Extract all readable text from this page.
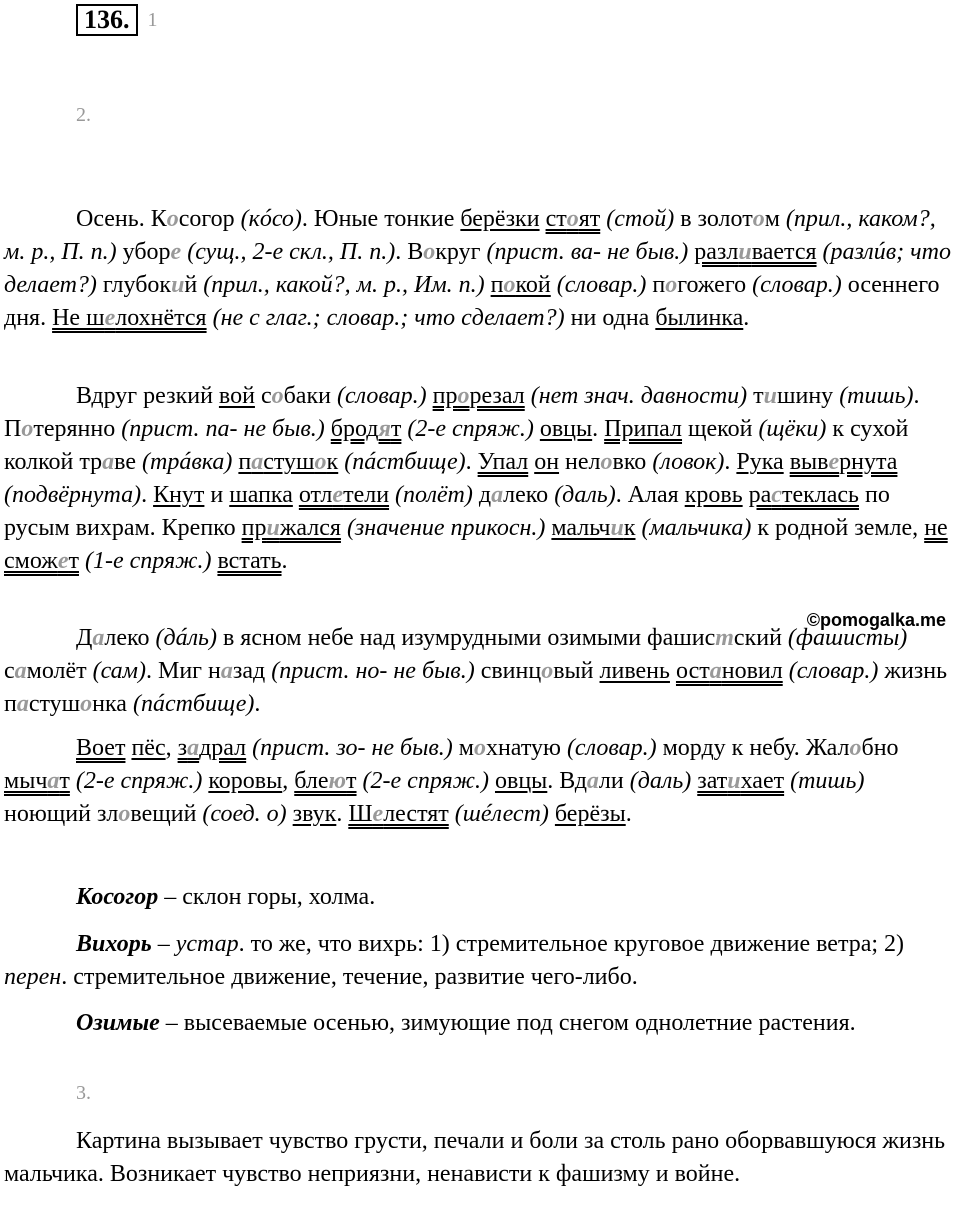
136. 1
2.

Осень. Косогор (кóсо). Юные тонкие берёзки стоят (стой) в золотом (прил., каком?, м. р., П. п.) уборе (сущ., 2-е скл., П. п.). Вокруг (прист. ва- не быв.) разливается (разлúв; что делает?) глубокий (прил., какой?, м. р., Им. п.) покой (словар.) погожего (словар.) осеннего дня. Не шелохнётся (не с глаг.; словар.; что сделает?) ни одна былинка.

Вдруг резкий вой собаки (словар.) прорезал (нет знач. давности) тишину (тишь). Потерянно (прист. па- не быв.) бродят (2-е спряж.) овцы. Припал щекой (щёки) к сухой колкой траве (трáвка) пастушок (пáстбище). Упал он неловко (ловок). Рука вывернута (подвёрнута). Кнут и шапка отлетели (полёт) далеко (даль). Алая кровь растеклась по русым вихрам. Крепко прижался (значение прикосн.) мальчик (мальчика) к родной земле, не сможет (1-е спряж.) встать.

©pomogalka.me

Далеко (дáль) в ясном небе над изумрудными озимыми фашистский (фашисты) самолёт (сам). Миг назад (прист. но- не быв.) свинцовый ливень остановил (словар.) жизнь пастушонка (пáстбище).

Воет пёс, задрал (прист. зо- не быв.) мохнатую (словар.) морду к небу. Жалобно мычат (2-е спряж.) коровы, блеют (2-е спряж.) овцы. Вдали (даль) затихает (тишь) ноющий зловещий (соед. о) звук. Шелестят (шéлест) берёзы.

Косогор – склон горы, холма.

Вихорь – устар. то же, что вихрь: 1) стремительное круговое движение ветра; 2) перен. стремительное движение, течение, развитие чего-либо.

Озимые – высеваемые осенью, зимующие под снегом однолетние растения.

3.

Картина вызывает чувство грусти, печали и боли за столь рано оборвавшуюся жизнь мальчика. Возникает чувство неприязни, ненависти к фашизму и войне.
